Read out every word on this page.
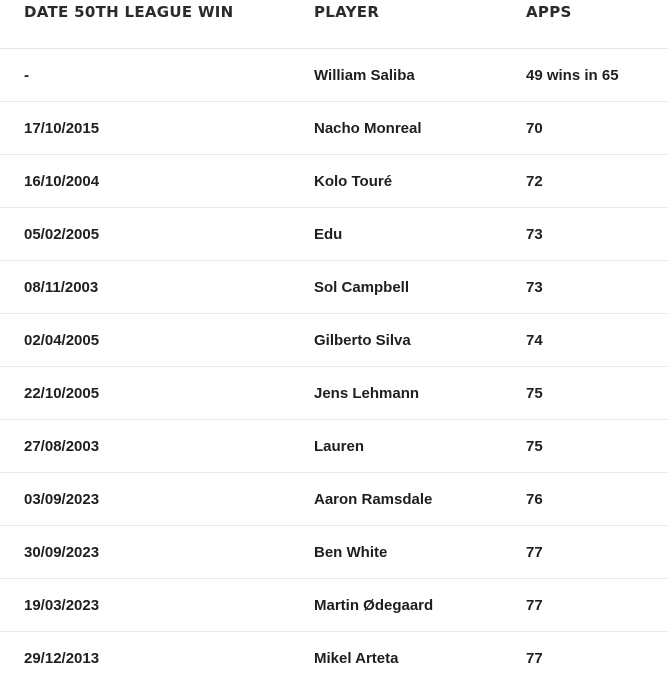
DATE 50TH LEAGUE WIN	PLAYER	APPS
-	William Saliba	49 wins in 65
17/10/2015	Nacho Monreal	70
16/10/2004	Kolo Touré	72
05/02/2005	Edu	73
08/11/2003	Sol Campbell	73
02/04/2005	Gilberto Silva	74
22/10/2005	Jens Lehmann	75
27/08/2003	Lauren	75
03/09/2023	Aaron Ramsdale	76
30/09/2023	Ben White	77
19/03/2023	Martin Ødegaard	77
29/12/2013	Mikel Arteta	77
